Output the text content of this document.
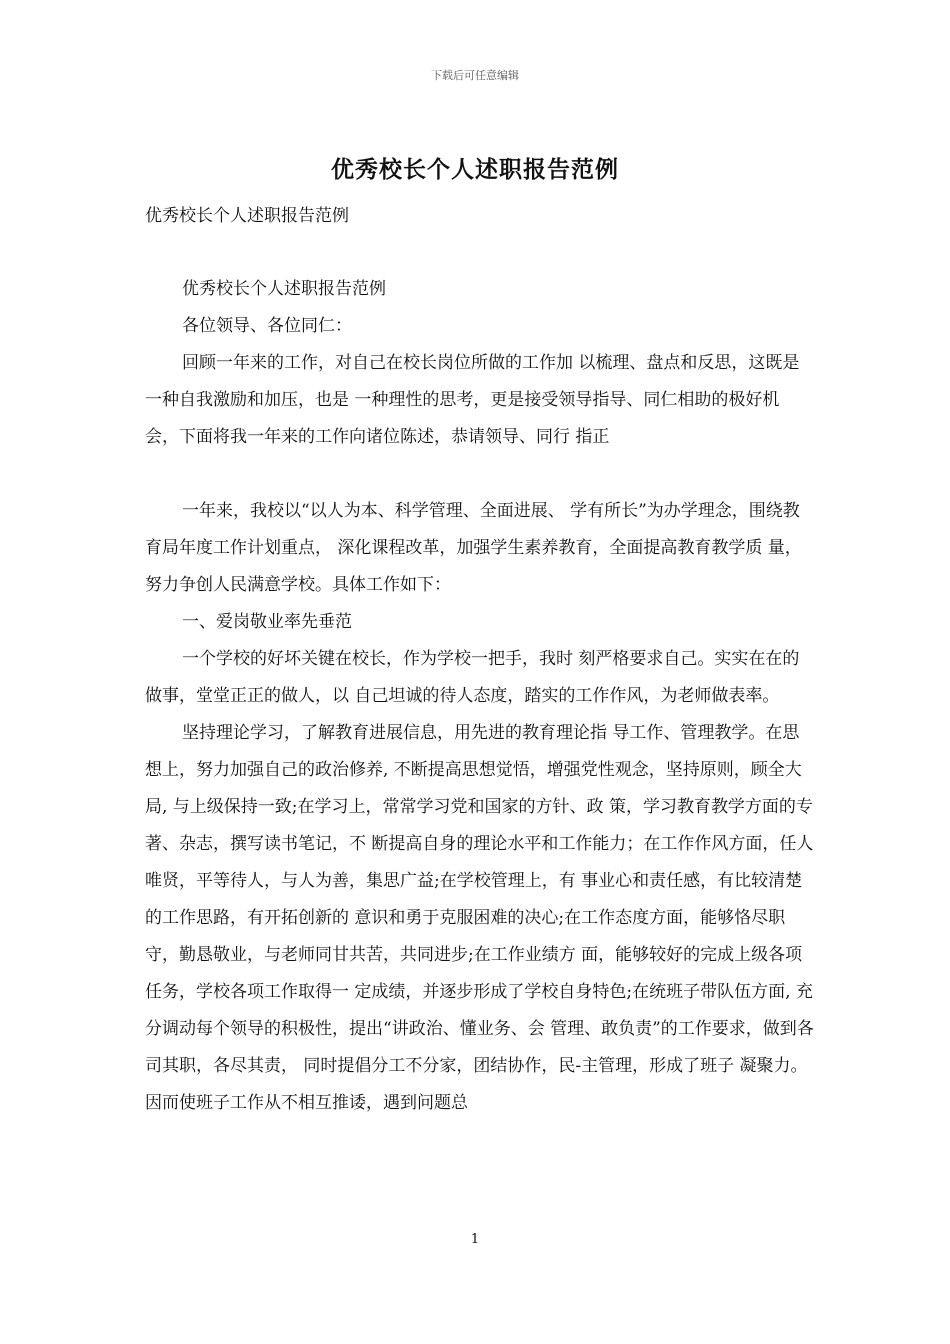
下载后可任意编辑
优秀校长个人述职报告范例
优秀校长个人述职报告范例

优秀校长个人述职报告范例

各位领导、各位同仁：

回顾一年来的工作，对自己在校长岗位所做的工作加 以梳理、盘点和反思，这既是一种自我激励和加压，也是 一种理性的思考，更是接受领导指导、同仁相助的极好机 会，下面将我一年来的工作向诸位陈述，恭请领导、同行 指正

一年来，我校以“以人为本、科学管理、全面进展、 学有所长”为办学理念，围绕教育局年度工作计划重点， 深化课程改革，加强学生素养教育，全面提高教育教学质 量，努力争创人民满意学校。具体工作如下：

一、爱岗敬业率先垂范

一个学校的好坏关键在校长，作为学校一把手，我时 刻严格要求自己。实实在在的做事，堂堂正正的做人，以 自己坦诚的待人态度，踏实的工作作风，为老师做表率。

坚持理论学习，了解教育进展信息，用先进的教育理论指 导工作、管理教学。在思想上，努力加强自己的政治修养, 不断提高思想觉悟，增强党性观念，坚持原则，顾全大局, 与上级保持一致;在学习上，常常学习党和国家的方针、政 策，学习教育教学方面的专著、杂志，撰写读书笔记，不 断提高自身的理论水平和工作能力；在工作作风方面，任人 唯贤，平等待人，与人为善，集思广益;在学校管理上，有 事业心和责任感，有比较清楚的工作思路，有开拓创新的 意识和勇于克服困难的决心;在工作态度方面，能够恪尽职 守，勤恳敬业，与老师同甘共苦，共同进步;在工作业绩方 面，能够较好的完成上级各项任务，学校各项工作取得一 定成绩，并逐步形成了学校自身特色;在统班子带队伍方面, 充分调动每个领导的积极性，提出“讲政治、懂业务、会 管理、敢负责”的工作要求，做到各司其职，各尽其责， 同时提倡分工不分家，团结协作，民-主管理，形成了班子 凝聚力。因而使班子工作从不相互推诿，遇到问题总

1
